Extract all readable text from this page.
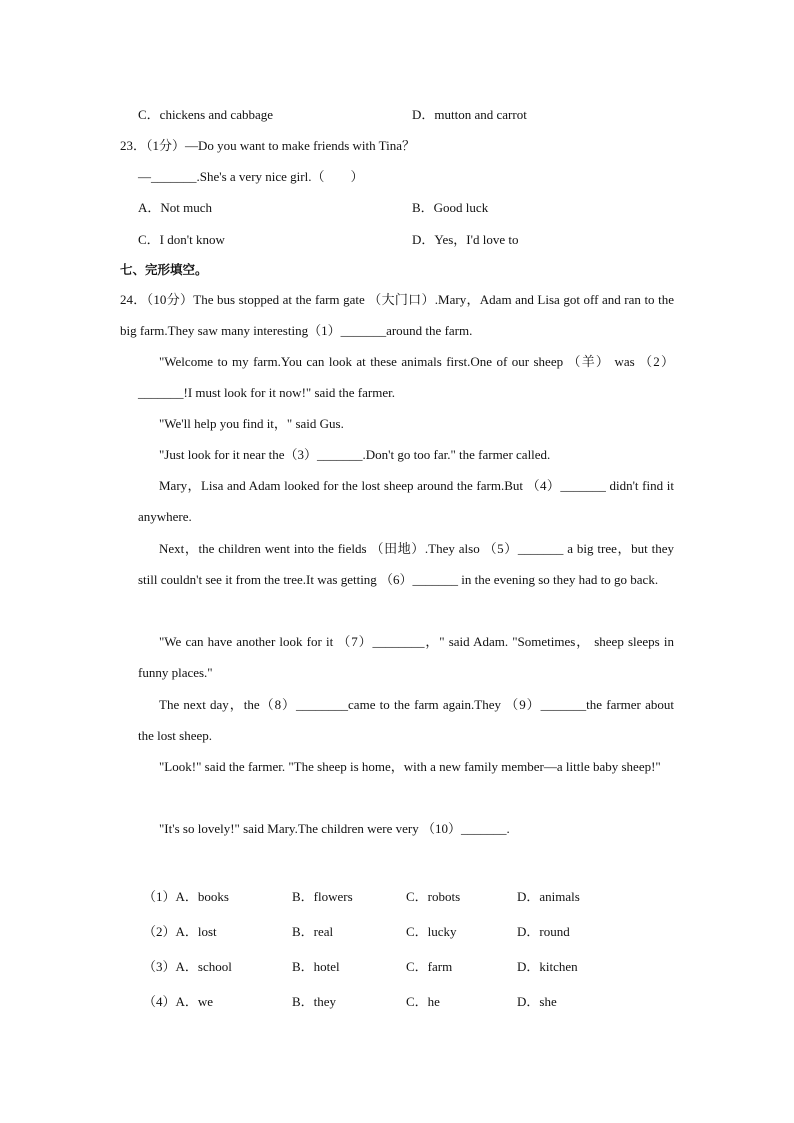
C．chickens and cabbage	D．mutton and carrot
23．（1分）—Do you want to make friends with Tina？
—_______.She's a very nice girl.（　　）
A．Not much	B．Good luck
C．I don't know	D．Yes，I'd love to
七、完形填空。
24．（10分）The bus stopped at the farm gate （大门口）.Mary，Adam and Lisa got off and ran to the big farm.They saw many interesting（1）_______around the farm.
"Welcome to my farm.You can look at these animals first.One of our sheep （羊） was （2）_______!I must look for it now!" said the farmer.
"We'll help you find it，" said Gus.
"Just look for it near the（3）_______.Don't go too far." the farmer called.
Mary，Lisa and Adam looked for the lost sheep around the farm.But （4）_______ didn't find it anywhere.
Next，the children went into the fields （田地）.They also （5）_______ a big tree，but they still couldn't see it from the tree.It was getting （6）_______ in the evening so they had to go back.
"We can have another look for it （7）________，" said Adam. "Sometimes， sheep sleeps in funny places."
The next day，the（8）________came to the farm again.They （9）_______the farmer about the lost sheep.
"Look!" said the farmer. "The sheep is home，with a new family member—a little baby sheep!"
"It's so lovely!" said Mary.The children were very （10）_______.
（1）A．books	B．flowers	C．robots	D．animals
（2）A．lost	B．real	C．lucky	D．round
（3）A．school	B．hotel	C．farm	D．kitchen
（4）A．we	B．they	C．he	D．she
